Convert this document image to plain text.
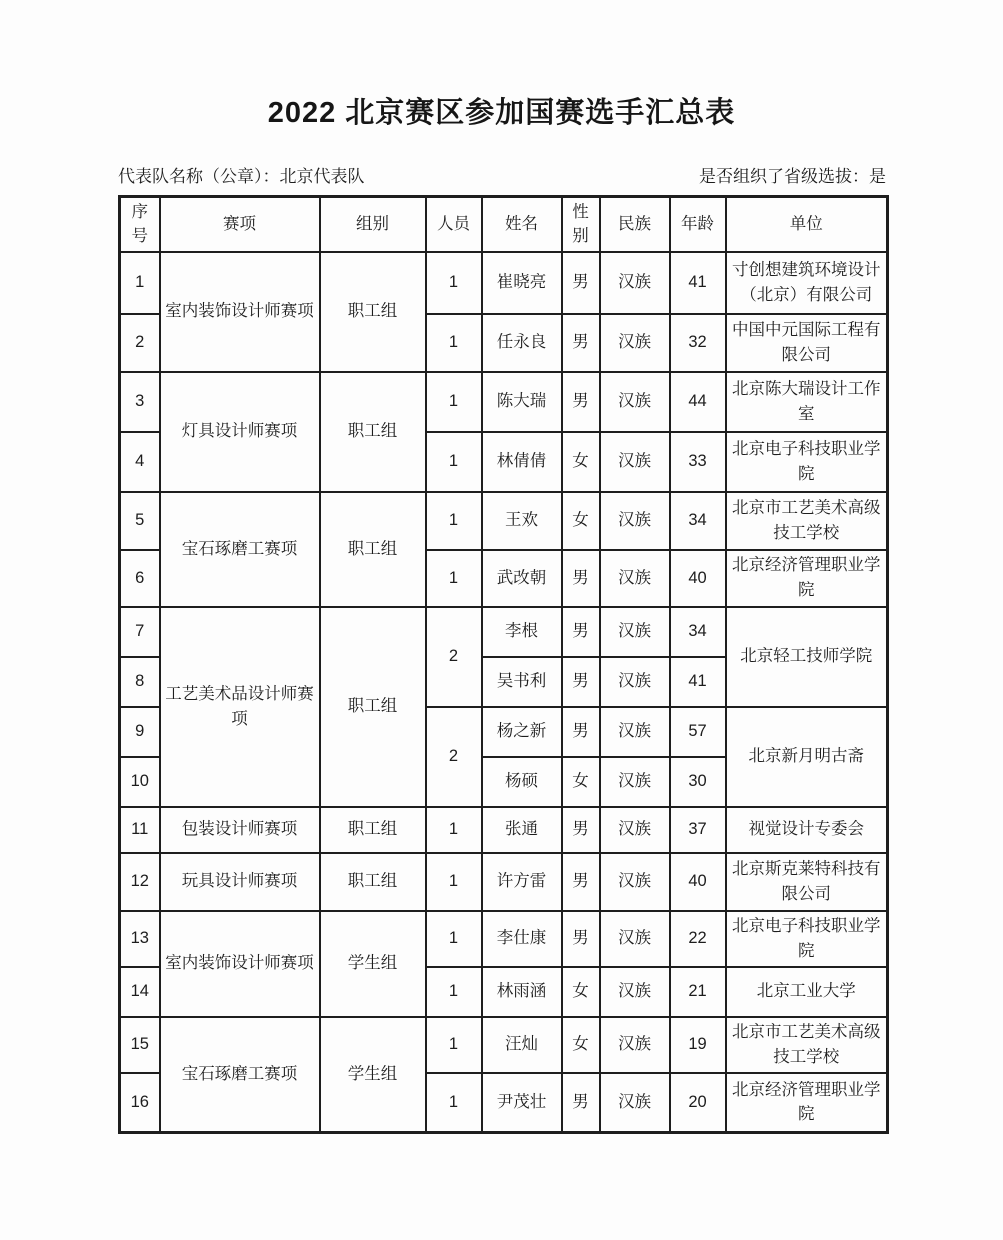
2022 北京赛区参加国赛选手汇总表
代表队名称（公章）：北京代表队	是否组织了省级选拔：是
序号	赛项	组别	人员	姓名	性别	民族	年龄	单位
1	室内装饰设计师赛项	职工组	1	崔晓亮	男	汉族	41	寸创想建筑环境设计（北京）有限公司
2			1	任永良	男	汉族	32	中国中元国际工程有限公司
3	灯具设计师赛项	职工组	1	陈大瑞	男	汉族	44	北京陈大瑞设计工作室
4			1	林倩倩	女	汉族	33	北京电子科技职业学院
5	宝石琢磨工赛项	职工组	1	王欢	女	汉族	34	北京市工艺美术高级技工学校
6			1	武改朝	男	汉族	40	北京经济管理职业学院
7	工艺美术品设计师赛项	职工组	2	李根	男	汉族	34	北京轻工技师学院
8				吴书利	男	汉族	41	
9			2	杨之新	男	汉族	57	北京新月明古斋
10				杨硕	女	汉族	30	
11	包装设计师赛项	职工组	1	张通	男	汉族	37	视觉设计专委会
12	玩具设计师赛项	职工组	1	许方雷	男	汉族	40	北京斯克莱特科技有限公司
13	室内装饰设计师赛项	学生组	1	李仕康	男	汉族	22	北京电子科技职业学院
14			1	林雨涵	女	汉族	21	北京工业大学
15	宝石琢磨工赛项	学生组	1	汪灿	女	汉族	19	北京市工艺美术高级技工学校
16			1	尹茂壮	男	汉族	20	北京经济管理职业学院
